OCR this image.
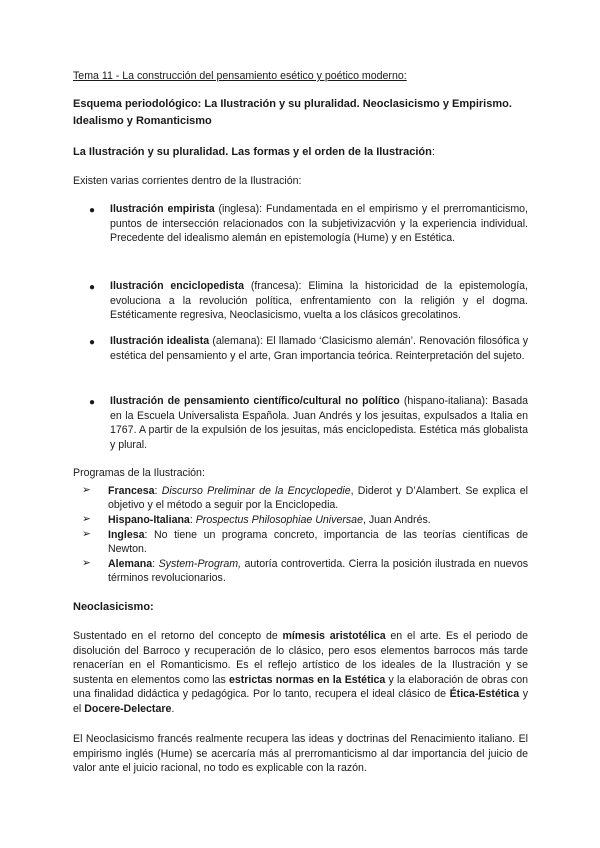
Tema 11 - La construcción del pensamiento esético y poético moderno:
Esquema periodológico: La Ilustración y su pluralidad. Neoclasicismo y Empirismo.
Idealismo y Romanticismo
La Ilustración y su pluralidad. Las formas y el orden de la Ilustración:
Existen varias corrientes dentro de la Ilustración:
● Ilustración empirista (inglesa): Fundamentada en el empirismo y el prerromanticismo, puntos de intersección relacionados con la subjetivizacvión y la experiencia individual. Precedente del idealismo alemán en epistemología (Hume) y en Estética.
● Ilustración enciclopedista (francesa): Elimina la historicidad de la epistemología, evoluciona a la revolución política, enfrentamiento con la religión y el dogma. Estéticamente regresiva, Neoclasicismo, vuelta a los clásicos grecolatinos.
● Ilustración idealista (alemana): El llamado ‘Clasicismo alemán’. Renovación filosófica y estética del pensamiento y el arte, Gran importancia teórica. Reinterpretación del sujeto.
● Ilustración de pensamiento científico/cultural no político (hispano-italiana): Basada en la Escuela Universalista Española. Juan Andrés y los jesuitas, expulsados a Italia en 1767. A partir de la expulsión de los jesuitas, más enciclopedista. Estética más globalista y plural.
Programas de la Ilustración:
➢ Francesa: Discurso Preliminar de la Encyclopedie, Diderot y D’Alambert. Se explica el objetivo y el método a seguir por la Enciclopedia.
➢ Hispano-Italiana: Prospectus Philosophiae Universae, Juan Andrés.
➢ Inglesa: No tiene un programa concreto, importancia de las teorías científicas de Newton.
➢ Alemana: System-Program, autoría controvertida. Cierra la posición ilustrada en nuevos términos revolucionarios.
Neoclasicismo:
Sustentado en el retorno del concepto de mímesis aristotélica en el arte. Es el periodo de disolución del Barroco y recuperación de lo clásico, pero esos elementos barrocos más tarde renacerían en el Romanticismo. Es el reflejo artístico de los ideales de la Ilustración y se sustenta en elementos como las estrictas normas en la Estética y la elaboración de obras con una finalidad didáctica y pedagógica. Por lo tanto, recupera el ideal clásico de Ética-Estética y el Docere-Delectare.
El Neoclasicismo francés realmente recupera las ideas y doctrinas del Renacimiento italiano. El empirismo inglés (Hume) se acercaría más al prerromanticismo al dar importancia del juicio de valor ante el juicio racional, no todo es explicable con la razón.
